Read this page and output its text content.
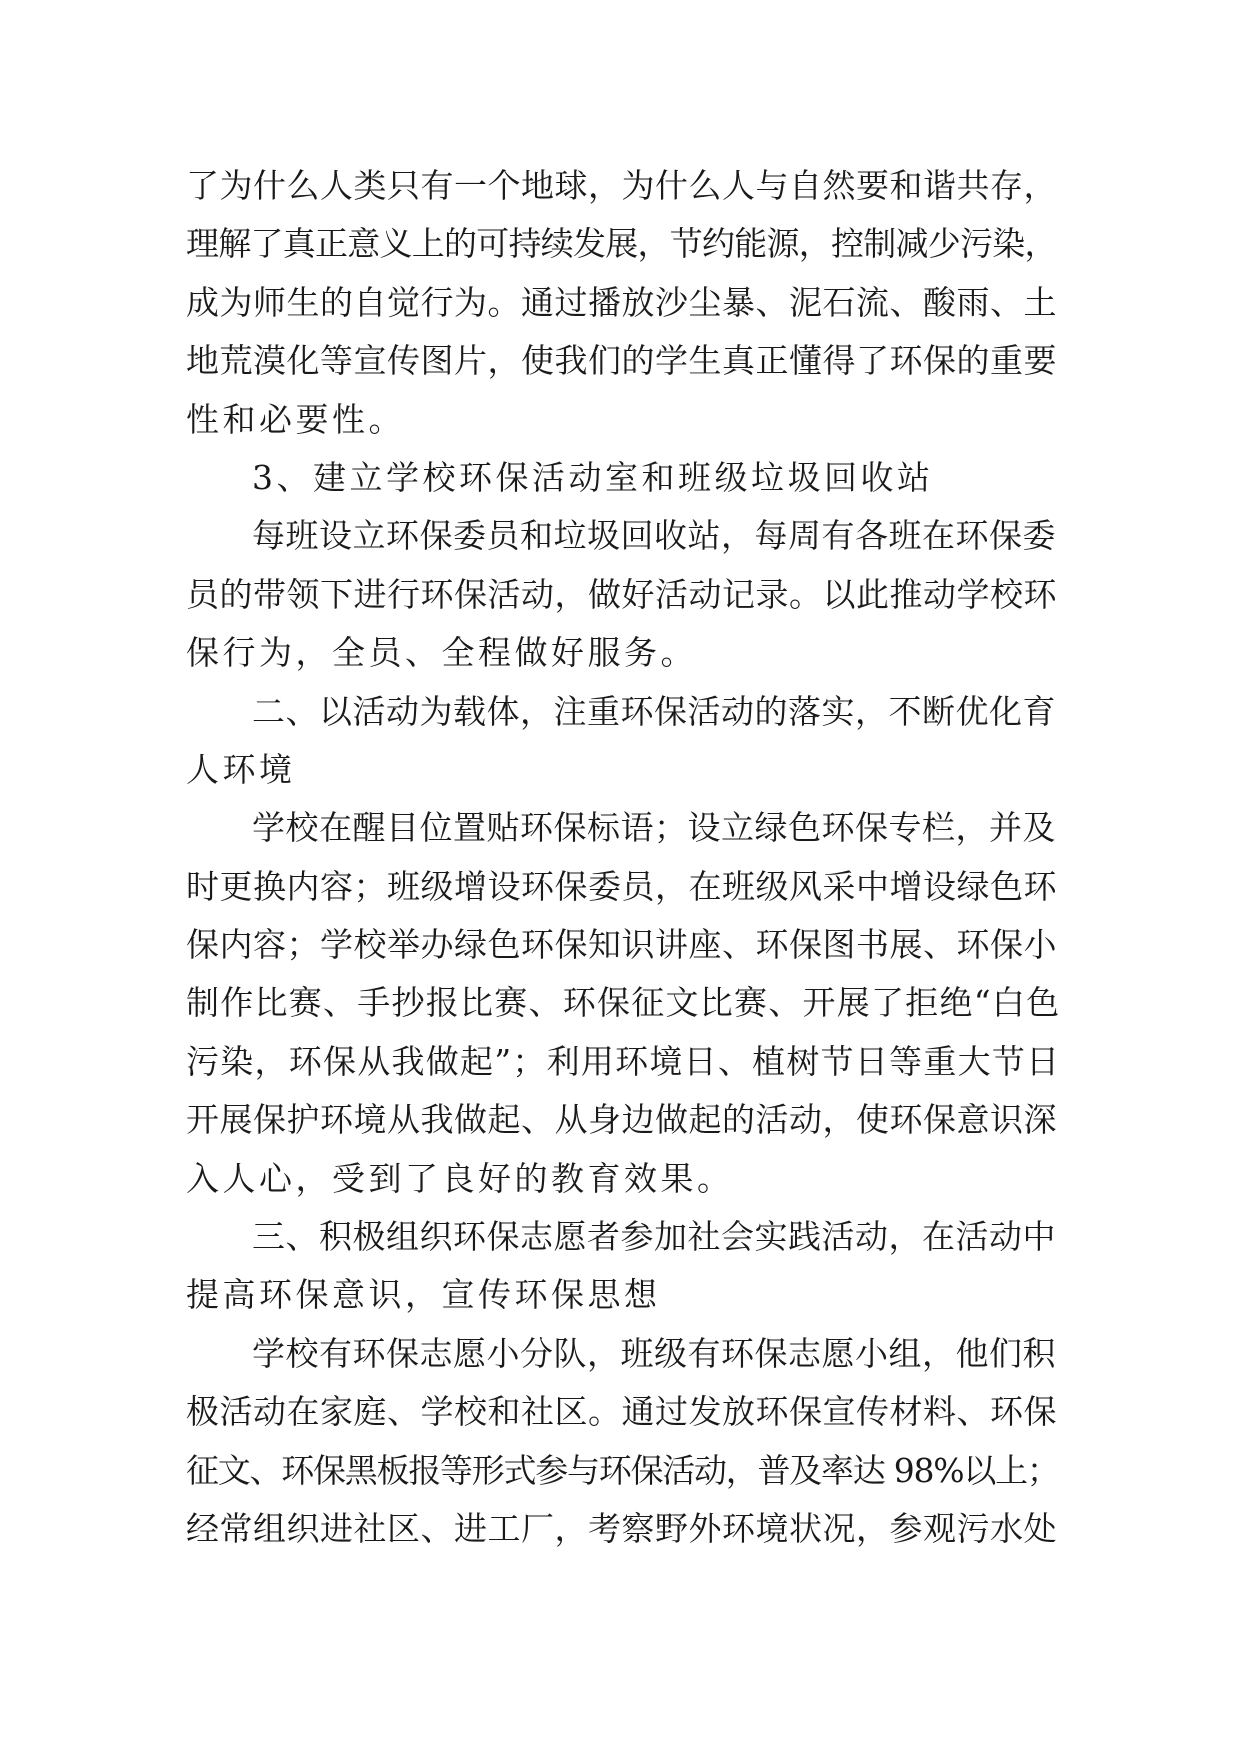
了为什么人类只有一个地球，为什么人与自然要和谐共存，
理解了真正意义上的可持续发展，节约能源，控制减少污染，
成为师生的自觉行为。通过播放沙尘暴、泥石流、酸雨、土
地荒漠化等宣传图片，使我们的学生真正懂得了环保的重要
性和必要性。
3、建立学校环保活动室和班级垃圾回收站
每班设立环保委员和垃圾回收站，每周有各班在环保委
员的带领下进行环保活动，做好活动记录。以此推动学校环
保行为，全员、全程做好服务。
二、以活动为载体，注重环保活动的落实，不断优化育
人环境
学校在醒目位置贴环保标语；设立绿色环保专栏，并及
时更换内容；班级增设环保委员，在班级风采中增设绿色环
保内容；学校举办绿色环保知识讲座、环保图书展、环保小
制作比赛、手抄报比赛、环保征文比赛、开展了拒绝“白色
污染，环保从我做起”；利用环境日、植树节日等重大节日
开展保护环境从我做起、从身边做起的活动，使环保意识深
入人心，受到了良好的教育效果。
三、积极组织环保志愿者参加社会实践活动，在活动中
提高环保意识，宣传环保思想
学校有环保志愿小分队，班级有环保志愿小组，他们积
极活动在家庭、学校和社区。通过发放环保宣传材料、环保
征文、环保黑板报等形式参与环保活动，普及率达 98%以上；
经常组织进社区、进工厂，考察野外环境状况，参观污水处
